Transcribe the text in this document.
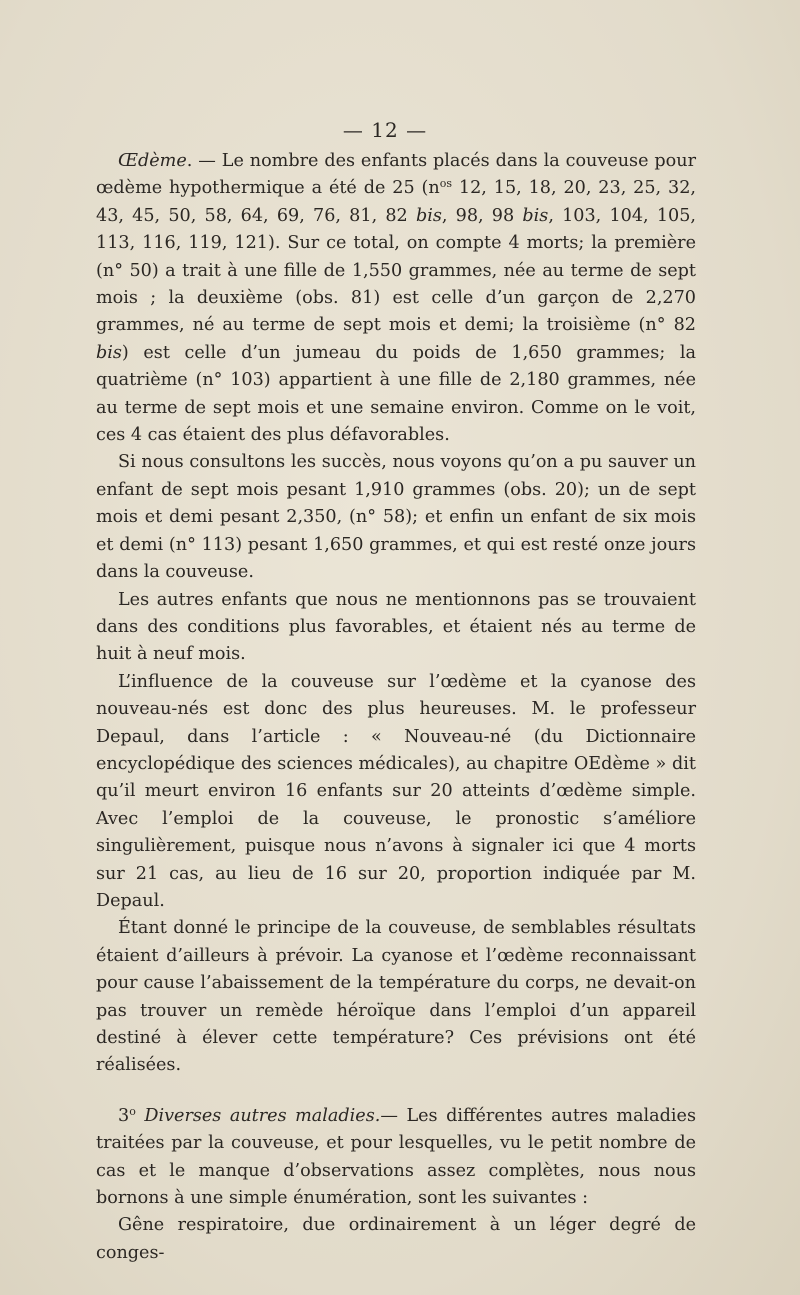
— 12 —

Œdème. — Le nombre des enfants placés dans la couveuse pour œdème hypothermique a été de 25 ($n^{os}$ 12, 15, 18, 20, 23, 25, 32, 43, 45, 50, 58, 64, 69, 76, 81, 82 bis, 98, 98 bis, 103, 104, 105, 113, 116, 119, 121). Sur ce total, on compte 4 morts; la première (n° 50) a trait à une fille de 1,550 grammes, née au terme de sept mois ; la deuxième (obs. 81) est celle d’un garçon de 2,270 grammes, né au terme de sept mois et demi; la troisième (n° 82 bis) est celle d’un jumeau du poids de 1,650 grammes; la quatrième (n° 103) appartient à une fille de 2,180 grammes, née au terme de sept mois et une semaine environ. Comme on le voit, ces 4 cas étaient des plus défavorables.

Si nous consultons les succès, nous voyons qu’on a pu sauver un enfant de sept mois pesant 1,910 grammes (obs. 20); un de sept mois et demi pesant 2,350, (n° 58); et enfin un enfant de six mois et demi (n° 113) pesant 1,650 grammes, et qui est resté onze jours dans la couveuse.

Les autres enfants que nous ne mentionnons pas se trouvaient dans des conditions plus favorables, et étaient nés au terme de huit à neuf mois.

L’influence de la couveuse sur l’œdème et la cyanose des nouveau-nés est donc des plus heureuses. M. le professeur Depaul, dans l’article : « Nouveau-né (du Dictionnaire encyclopédique des sciences médicales), au chapitre OEdème » dit qu’il meurt environ 16 enfants sur 20 atteints d’œdème simple. Avec l’emploi de la couveuse, le pronostic s’améliore singulièrement, puisque nous n’avons à signaler ici que 4 morts sur 21 cas, au lieu de 16 sur 20, proportion indiquée par M. Depaul.

Étant donné le principe de la couveuse, de semblables résultats étaient d’ailleurs à prévoir. La cyanose et l’œdème reconnaissant pour cause l’abaissement de la température du corps, ne devait-on pas trouver un remède héroïque dans l’emploi d’un appareil destiné à élever cette température? Ces prévisions ont été réalisées.

3$^o$ Diverses autres maladies.— Les différentes autres maladies traitées par la couveuse, et pour lesquelles, vu le petit nombre de cas et le manque d’observations assez complètes, nous nous bornons à une simple énumération, sont les suivantes :

Gêne respiratoire, due ordinairement à un léger degré de conges-
